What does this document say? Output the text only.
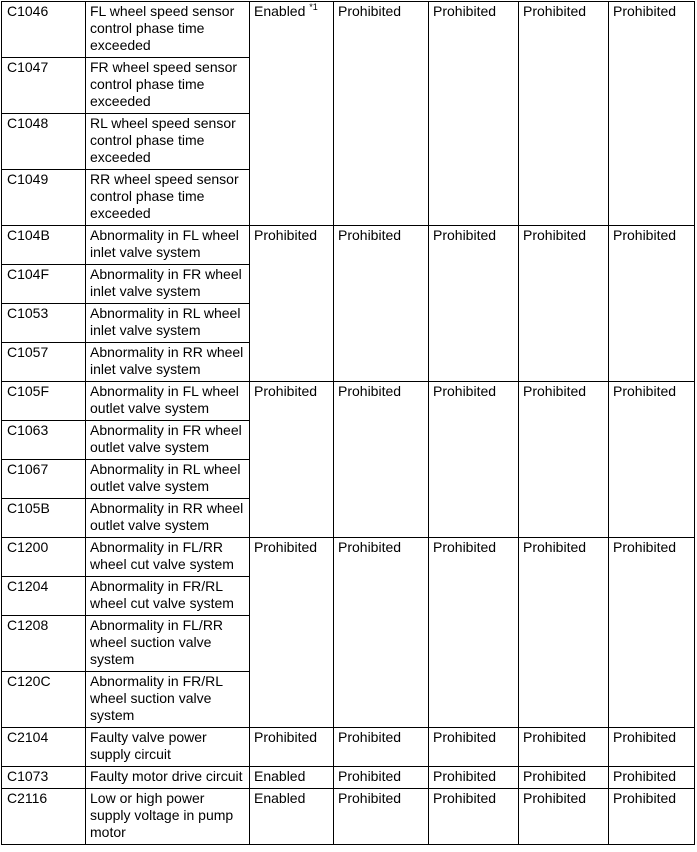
C1046	FL wheel speed sensor control phase time exceeded	Enabled $^{*1}$	Prohibited	Prohibited	Prohibited	Prohibited
C1047	FR wheel speed sensor control phase time exceeded					
C1048	RL wheel speed sensor control phase time exceeded					
C1049	RR wheel speed sensor control phase time exceeded					
C104B	Abnormality in FL wheel inlet valve system	Prohibited	Prohibited	Prohibited	Prohibited	Prohibited
C104F	Abnormality in FR wheel inlet valve system					
C1053	Abnormality in RL wheel inlet valve system					
C1057	Abnormality in RR wheel inlet valve system					
C105F	Abnormality in FL wheel outlet valve system	Prohibited	Prohibited	Prohibited	Prohibited	Prohibited
C1063	Abnormality in FR wheel outlet valve system					
C1067	Abnormality in RL wheel outlet valve system					
C105B	Abnormality in RR wheel outlet valve system					
C1200	Abnormality in FL/RR wheel cut valve system	Prohibited	Prohibited	Prohibited	Prohibited	Prohibited
C1204	Abnormality in FR/RL wheel cut valve system					
C1208	Abnormality in FL/RR wheel suction valve system					
C120C	Abnormality in FR/RL wheel suction valve system					
C2104	Faulty valve power supply circuit	Prohibited	Prohibited	Prohibited	Prohibited	Prohibited
C1073	Faulty motor drive circuit	Enabled	Prohibited	Prohibited	Prohibited	Prohibited
C2116	Low or high power supply voltage in pump motor	Enabled	Prohibited	Prohibited	Prohibited	Prohibited
